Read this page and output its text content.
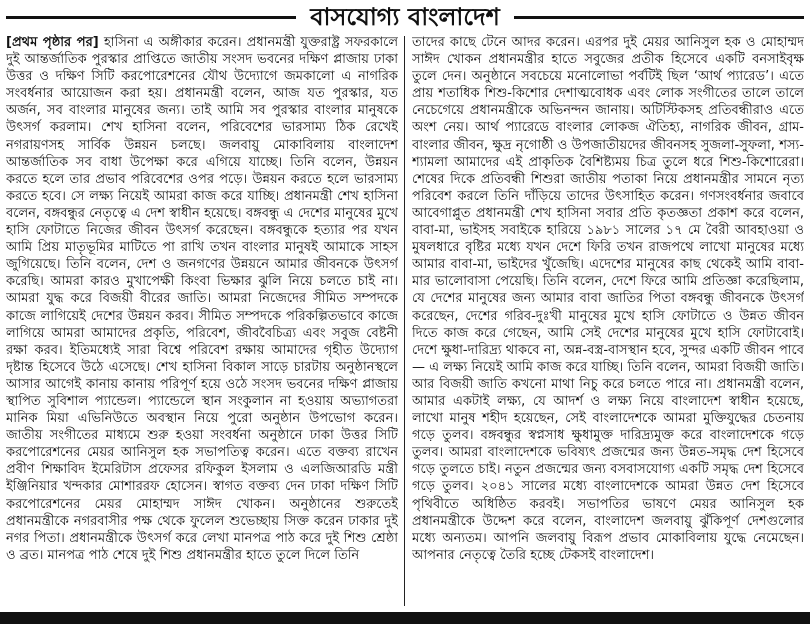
বাসযোগ্য বাংলাদেশ

[প্রথম পৃষ্ঠার পর] হাসিনা এ অঙ্গীকার করেন। প্রধানমন্ত্রী যুক্তরাষ্ট্র সফরকালে দুই আন্তর্জাতিক পুরস্কার প্রাপ্তিতে জাতীয় সংসদ ভবনের দক্ষিণ প্লাজায় ঢাকা উত্তর ও দক্ষিণ সিটি করপোরেশনের যৌথ উদ্যোগে জমকালো এ নাগরিক সংবর্ধনার আয়োজন করা হয়। প্রধানমন্ত্রী বলেন, আজ যত পুরস্কার, যত অর্জন, সব বাংলার মানুষের জন্য। তাই আমি সব পুরস্কার বাংলার মানুষকে উৎসর্গ করলাম। শেখ হাসিনা বলেন, পরিবেশের ভারসাম্য ঠিক রেখেই নগরায়ণসহ সার্বিক উন্নয়ন চলছে। জলবায়ু মোকাবিলায় বাংলাদেশ আন্তর্জাতিক সব বাধা উপেক্ষা করে এগিয়ে যাচ্ছে। তিনি বলেন, উন্নয়ন করতে হলে তার প্রভাব পরিবেশের ওপর পড়ে। উন্নয়ন করতে হলে ভারসাম্য করতে হবে। সে লক্ষ্য নিয়েই আমরা কাজ করে যাচ্ছি। প্রধানমন্ত্রী শেখ হাসিনা বলেন, বঙ্গবন্ধুর নেতৃত্বে এ দেশ স্বাধীন হয়েছে। বঙ্গবন্ধু এ দেশের মানুষের মুখে হাসি ফোটাতে নিজের জীবন উৎসর্গ করেছেন। বঙ্গবন্ধুকে হত্যার পর যখন আমি প্রিয় মাতৃভূমির মাটিতে পা রাখি তখন বাংলার মানুষই আমাকে সাহস জুগিয়েছে। তিনি বলেন, দেশ ও জনগণের উন্নয়নে আমার জীবনকে উৎসর্গ করেছি। আমরা কারও মুখাপেক্ষী কিংবা ভিক্ষার ঝুলি নিয়ে চলতে চাই না। আমরা যুদ্ধ করে বিজয়ী বীরের জাতি। আমরা নিজেদের সীমিত সম্পদকে কাজে লাগিয়েই দেশের উন্নয়ন করব। সীমিত সম্পদকে পরিকল্পিতভাবে কাজে লাগিয়ে আমরা আমাদের প্রকৃতি, পরিবেশ, জীববৈচিত্র্য এবং সবুজ বেষ্টনী রক্ষা করব। ইতিমধ্যেই সারা বিশ্বে পরিবেশ রক্ষায় আমাদের গৃহীত উদ্যোগ দৃষ্টান্ত হিসেবে উঠে এসেছে। শেখ হাসিনা বিকাল সাড়ে চারটায় অনুষ্ঠানস্থলে আসার আগেই কানায় কানায় পরিপূর্ণ হয়ে ওঠে সংসদ ভবনের দক্ষিণ প্লাজায় স্থাপিত সুবিশাল প্যান্ডেল। প্যান্ডেলে স্থান সংকুলান না হওয়ায় অভ্যাগতরা মানিক মিয়া এভিনিউতে অবস্থান নিয়ে পুরো অনুষ্ঠান উপভোগ করেন। জাতীয় সংগীতের মাধ্যমে শুরু হওয়া সংবর্ধনা অনুষ্ঠানে ঢাকা উত্তর সিটি করপোরেশনের মেয়র আনিসুল হক সভাপতিত্ব করেন। এতে বক্তব্য রাখেন প্রবীণ শিক্ষাবিদ ইমেরিটাস প্রফেসর রফিকুল ইসলাম ও এলজিআরডি মন্ত্রী ইঞ্জিনিয়ার খন্দকার মোশাররফ হোসেন। স্বাগত বক্তব্য দেন ঢাকা দক্ষিণ সিটি করপোরেশনের মেয়র মোহাম্মদ সাঈদ খোকন। অনুষ্ঠানের শুরুতেই প্রধানমন্ত্রীকে নগরবাসীর পক্ষ থেকে ফুলেল শুভেচ্ছায় সিক্ত করেন ঢাকার দুই নগর পিতা। প্রধানমন্ত্রীকে উৎসর্গ করে লেখা মানপত্র পাঠ করে দুই শিশু শ্রেষ্ঠা ও ব্রত। মানপত্র পাঠ শেষে দুই শিশু প্রধানমন্ত্রীর হাতে তুলে দিলে তিনি

তাদের কাছে টেনে আদর করেন। এরপর দুই মেয়র আনিসুল হক ও মোহাম্মদ সাঈদ খোকন প্রধানমন্ত্রীর হাতে সবুজের প্রতীক হিসেবে একটি বনসাইবৃক্ষ তুলে দেন। অনুষ্ঠানে সবচেয়ে মনোলোভা পর্বটিই ছিল ‘আর্থ প্যারেড’। এতে প্রায় শতাধিক শিশু-কিশোর দেশাত্মবোধক এবং লোক সংগীতের তালে তালে নেচেগেয়ে প্রধানমন্ত্রীকে অভিনন্দন জানায়। অটিস্টিকসহ প্রতিবন্ধীরাও এতে অংশ নেয়। আর্থ প্যারেডে বাংলার লোকজ ঐতিহ্য, নাগরিক জীবন, গ্রাম-বাংলার জীবন, ক্ষুদ্র নৃগোষ্ঠী ও উপজাতীয়দের জীবনসহ সুজলা-সুফলা, শস্য-শ্যামলা আমাদের এই প্রাকৃতিক বৈশিষ্ট্যময় চিত্র তুলে ধরে শিশু-কিশোরেরা। শেষের দিকে প্রতিবন্ধী শিশুরা জাতীয় পতাকা নিয়ে প্রধানমন্ত্রীর সামনে নৃত্য পরিবেশ করলে তিনি দাঁড়িয়ে তাদের উৎসাহিত করেন। গণসংবর্ধনার জবাবে আবেগাপ্লুত প্রধানমন্ত্রী শেখ হাসিনা সবার প্রতি কৃতজ্ঞতা প্রকাশ করে বলেন, বাবা-মা, ভাইসহ সবাইকে হারিয়ে ১৯৮১ সালের ১৭ মে বৈরী আবহাওয়া ও মুষলধারে বৃষ্টির মধ্যে যখন দেশে ফিরি তখন রাজপথে লাখো মানুষের মধ্যে আমার বাবা-মা, ভাইদের খুঁজেছি। এদেশের মানুষের কাছ থেকেই আমি বাবা-মার ভালোবাসা পেয়েছি। তিনি বলেন, দেশে ফিরে আমি প্রতিজ্ঞা করেছিলাম, যে দেশের মানুষের জন্য আমার বাবা জাতির পিতা বঙ্গবন্ধু জীবনকে উৎসর্গ করেছেন, দেশের গরিব-দুঃখী মানুষের মুখে হাসি ফোটাতে ও উন্নত জীবন দিতে কাজ করে গেছেন, আমি সেই দেশের মানুষের মুখে হাসি ফোটাবোই। দেশে ক্ষুধা-দারিদ্র্য থাকবে না, অন্ন-বস্ত্র-বাসস্থান হবে, সুন্দর একটি জীবন পাবে— এ লক্ষ্য নিয়েই আমি কাজ করে যাচ্ছি। তিনি বলেন, আমরা বিজয়ী জাতি। আর বিজয়ী জাতি কখনো মাথা নিচু করে চলতে পারে না। প্রধানমন্ত্রী বলেন, আমার একটাই লক্ষ্য, যে আদর্শ ও লক্ষ্য নিয়ে বাংলাদেশ স্বাধীন হয়েছে, লাখো মানুষ শহীদ হয়েছেন, সেই বাংলাদেশকে আমরা মুক্তিযুদ্ধের চেতনায় গড়ে তুলব। বঙ্গবন্ধুর স্বপ্নসাধ ক্ষুধামুক্ত দারিদ্র্যমুক্ত করে বাংলাদেশকে গড়ে তুলব। আমরা বাংলাদেশকে ভবিষ্যৎ প্রজন্মের জন্য উন্নত-সমৃদ্ধ দেশ হিসেবে গড়ে তুলতে চাই। নতুন প্রজন্মের জন্য বসবাসযোগ্য একটি সমৃদ্ধ দেশ হিসেবে গড়ে তুলব। ২০৪১ সালের মধ্যে বাংলাদেশকে আমরা উন্নত দেশ হিসেবে পৃথিবীতে অধিষ্ঠিত করবই। সভাপতির ভাষণে মেয়র আনিসুল হক প্রধানমন্ত্রীকে উদ্দেশ করে বলেন, বাংলাদেশ জলবায়ু ঝুঁকিপূর্ণ দেশগুলোর মধ্যে অন্যতম। আপনি জলবায়ু বিরূপ প্রভাব মোকাবিলায় যুদ্ধে নেমেছেন। আপনার নেতৃত্বে তৈরি হচ্ছে টেকসই বাংলাদেশ।
